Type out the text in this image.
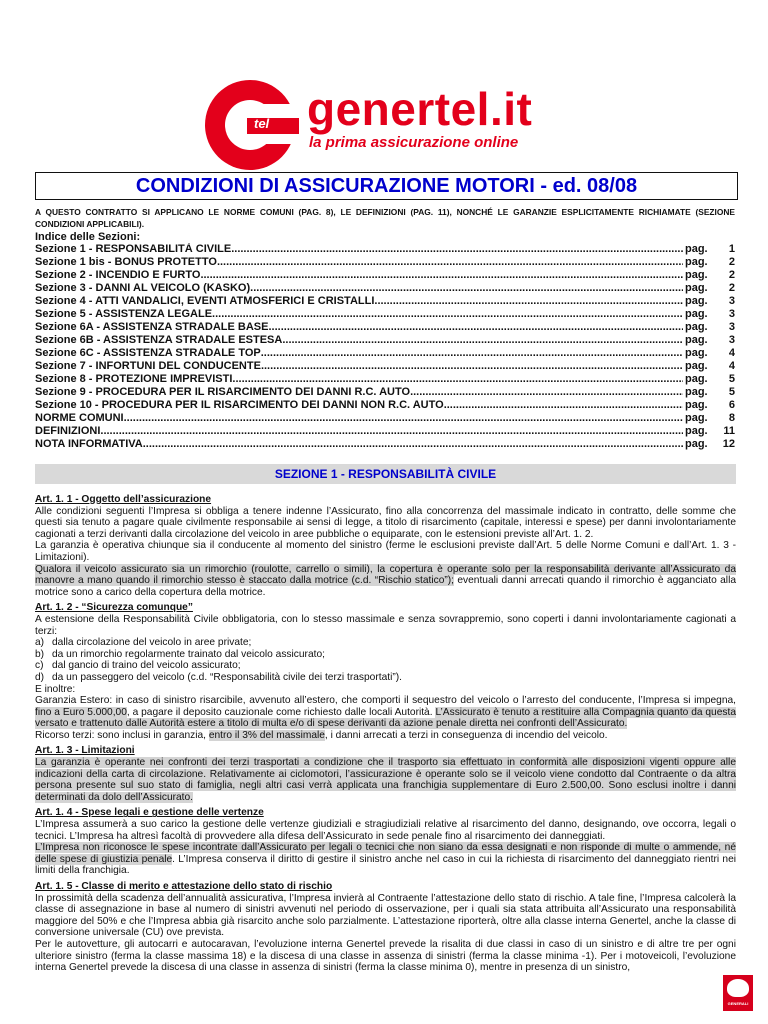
tel genertel.it
la prima assicurazione online
CONDIZIONI DI ASSICURAZIONE MOTORI - ed. 08/08
A QUESTO CONTRATTO SI APPLICANO LE NORME COMUNI (PAG. 8), LE DEFINIZIONI (PAG. 11), NONCHÉ LE GARANZIE ESPLICITAMENTE RICHIAMATE (SEZIONE CONDIZIONI APPLICABILI).
Indice delle Sezioni:
Sezione 1 - RESPONSABILITÀ CIVILE .....	pag.	1
Sezione 1 bis - BONUS PROTETTO .....	pag.	2
Sezione 2 - INCENDIO E FURTO .....	pag.	2
Sezione 3 - DANNI AL VEICOLO (KASKO) .....	pag.	2
Sezione 4 - ATTI VANDALICI, EVENTI ATMOSFERICI E CRISTALLI .....	pag.	3
Sezione 5 - ASSISTENZA LEGALE .....	pag.	3
Sezione 6A - ASSISTENZA STRADALE BASE .....	pag.	3
Sezione 6B - ASSISTENZA STRADALE ESTESA .....	pag.	3
Sezione 6C - ASSISTENZA STRADALE TOP .....	pag.	4
Sezione 7 - INFORTUNI DEL CONDUCENTE .....	pag.	4
Sezione 8 - PROTEZIONE IMPREVISTI .....	pag.	5
Sezione 9 - PROCEDURA PER IL RISARCIMENTO DEI DANNI R.C. AUTO .....	pag.	5
Sezione 10 - PROCEDURA PER IL RISARCIMENTO DEI DANNI NON R.C. AUTO .....	pag.	6
NORME COMUNI .....	pag.	8
DEFINIZIONI .....	pag.	11
NOTA INFORMATIVA .....	pag.	12
SEZIONE 1 - RESPONSABILITÀ CIVILE
Art. 1. 1 - Oggetto dell’assicurazione
Alle condizioni seguenti l’Impresa si obbliga a tenere indenne l’Assicurato, fino alla concorrenza del massimale indicato in contratto, delle somme che questi sia tenuto a pagare quale civilmente responsabile ai sensi di legge, a titolo di risarcimento (capitale, interessi e spese) per danni involontariamente cagionati a terzi derivanti dalla circolazione del veicolo in aree pubbliche o equiparate, con le estensioni previste all’Art. 1. 2.
La garanzia è operativa chiunque sia il conducente al momento del sinistro (ferme le esclusioni previste dall’Art. 5 delle Norme Comuni e dall’Art. 1. 3 - Limitazioni).
Qualora il veicolo assicurato sia un rimorchio (roulotte, carrello o simili), la copertura è operante solo per la responsabilità derivante all’Assicurato da manovre a mano quando il rimorchio stesso è staccato dalla motrice (c.d. “Rischio statico”); eventuali danni arrecati quando il rimorchio è agganciato alla motrice sono a carico della copertura della motrice.
Art. 1. 2 - “Sicurezza comunque”
A estensione della Responsabilità Civile obbligatoria, con lo stesso massimale e senza sovrappremio, sono coperti i danni involontariamente cagionati a terzi:
a) dalla circolazione del veicolo in aree private;
b) da un rimorchio regolarmente trainato dal veicolo assicurato;
c) dal gancio di traino del veicolo assicurato;
d) da un passeggero del veicolo (c.d. “Responsabilità civile dei terzi trasportati”).
E inoltre:
Garanzia Estero: in caso di sinistro risarcibile, avvenuto all’estero, che comporti il sequestro del veicolo o l’arresto del conducente, l’Impresa si impegna, fino a Euro 5.000,00, a pagare il deposito cauzionale come richiesto dalle locali Autorità. L’Assicurato è tenuto a restituire alla Compagnia quanto da questa versato e trattenuto dalle Autorità estere a titolo di multa e/o di spese derivanti da azione penale diretta nei confronti dell’Assicurato.
Ricorso terzi: sono inclusi in garanzia, entro il 3% del massimale, i danni arrecati a terzi in conseguenza di incendio del veicolo.
Art. 1. 3 - Limitazioni
La garanzia è operante nei confronti dei terzi trasportati a condizione che il trasporto sia effettuato in conformità alle disposizioni vigenti oppure alle indicazioni della carta di circolazione. Relativamente ai ciclomotori, l’assicurazione è operante solo se il veicolo viene condotto dal Contraente o da altra persona presente sul suo stato di famiglia, negli altri casi verrà applicata una franchigia supplementare di Euro 2.500,00. Sono esclusi inoltre i danni determinati da dolo dell’Assicurato.
Art. 1. 4 - Spese legali e gestione delle vertenze
L’Impresa assumerà a suo carico la gestione delle vertenze giudiziali e stragiudiziali relative al risarcimento del danno, designando, ove occorra, legali o tecnici. L’Impresa ha altresì facoltà di provvedere alla difesa dell’Assicurato in sede penale fino al risarcimento dei danneggiati.
L’Impresa non riconosce le spese incontrate dall’Assicurato per legali o tecnici che non siano da essa designati e non risponde di multe o ammende, né delle spese di giustizia penale. L’Impresa conserva il diritto di gestire il sinistro anche nel caso in cui la richiesta di risarcimento del danneggiato rientri nei limiti della franchigia.
Art. 1. 5 - Classe di merito e attestazione dello stato di rischio
In prossimità della scadenza dell’annualità assicurativa, l’Impresa invierà al Contraente l’attestazione dello stato di rischio. A tale fine, l’Impresa calcolerà la classe di assegnazione in base al numero di sinistri avvenuti nel periodo di osservazione, per i quali sia stata attribuita all’Assicurato una responsabilità maggiore del 50% e che l’Impresa abbia già risarcito anche solo parzialmente. L’attestazione riporterà, oltre alla classe interna Genertel, anche la classe di conversione universale (CU) ove prevista.
Per le autovetture, gli autocarri e autocaravan, l’evoluzione interna Genertel prevede la risalita di due classi in caso di un sinistro e di altre tre per ogni ulteriore sinistro (ferma la classe massima 18) e la discesa di una classe in assenza di sinistri (ferma la classe minima -1). Per i motoveicoli, l’evoluzione interna Genertel prevede la discesa di una classe in assenza di sinistri (ferma la classe minima 0), mentre in presenza di un sinistro,
GENERALI
